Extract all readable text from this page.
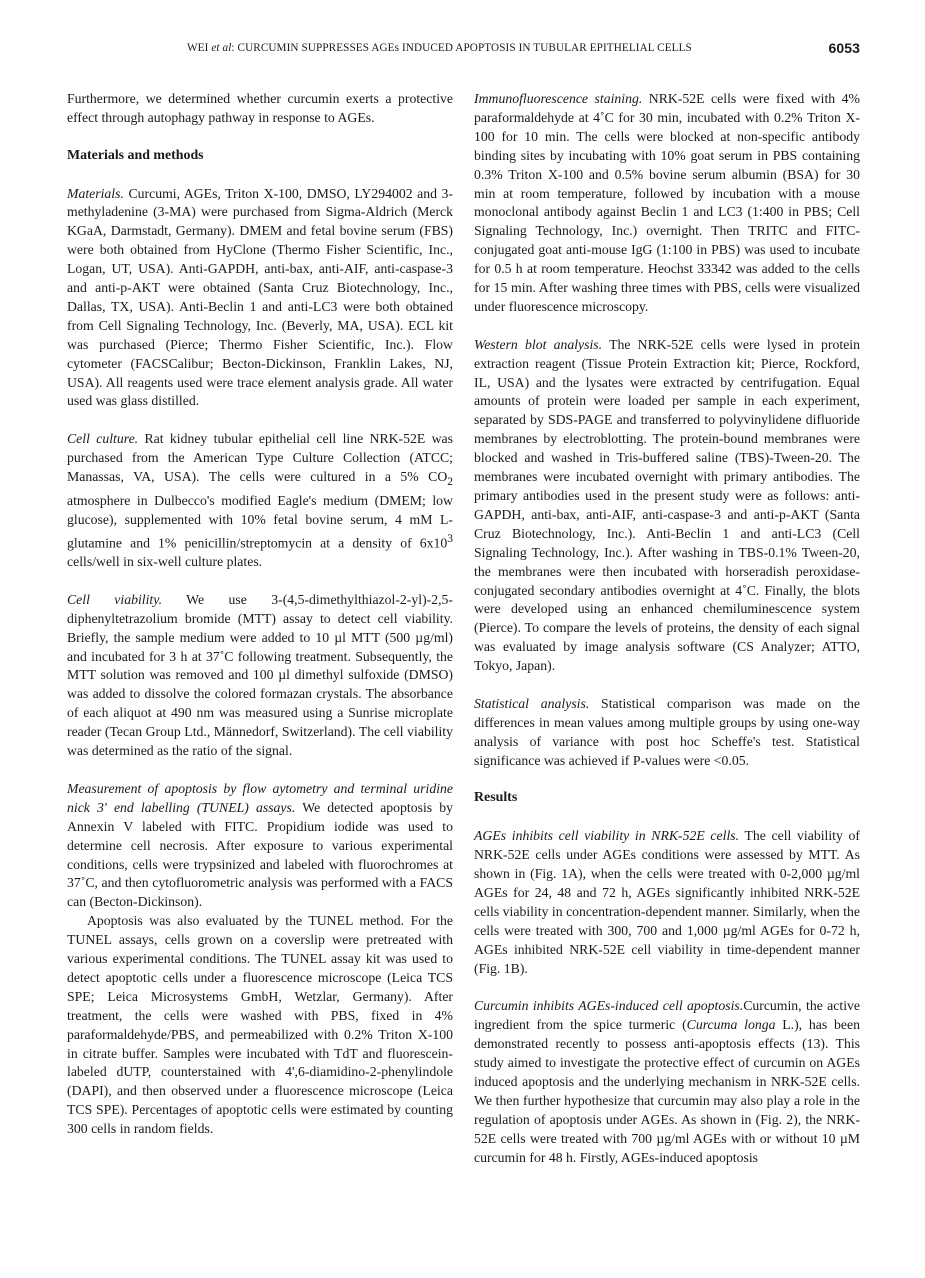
WEI et al: CURCUMIN SUPPRESSES AGEs INDUCED APOPTOSIS IN TUBULAR EPITHELIAL CELLS	6053

Furthermore, we determined whether curcumin exerts a protective effect through autophagy pathway in response to AGEs.

Materials and methods

Materials. Curcumi, AGEs, Triton X-100, DMSO, LY294002 and 3-methyladenine (3-MA) were purchased from Sigma-Aldrich (Merck KGaA, Darmstadt, Germany). DMEM and fetal bovine serum (FBS) were both obtained from HyClone (Thermo Fisher Scientific, Inc., Logan, UT, USA). Anti-GAPDH, anti-bax, anti-AIF, anti-caspase-3 and anti-p-AKT were obtained (Santa Cruz Biotechnology, Inc., Dallas, TX, USA). Anti-Beclin 1 and anti-LC3 were both obtained from Cell Signaling Technology, Inc. (Beverly, MA, USA). ECL kit was purchased (Pierce; Thermo Fisher Scientific, Inc.). Flow cytometer (FACSCalibur; Becton-Dickinson, Franklin Lakes, NJ, USA). All reagents used were trace element analysis grade. All water used was glass distilled.

Cell culture. Rat kidney tubular epithelial cell line NRK-52E was purchased from the American Type Culture Collection (ATCC; Manassas, VA, USA). The cells were cultured in a 5% $CO_2$ atmosphere in Dulbecco's modified Eagle's medium (DMEM; low glucose), supplemented with 10% fetal bovine serum, 4 mM L-glutamine and 1% penicillin/streptomycin at a density of $6x10^3$ cells/well in six-well culture plates.

Cell viability. We use 3-(4,5-dimethylthiazol-2-yl)-2,5-diphenyltetrazolium bromide (MTT) assay to detect cell viability. Briefly, the sample medium were added to 10 µl MTT (500 µg/ml) and incubated for 3 h at 37˚C following treatment. Subsequently, the MTT solution was removed and 100 µl dimethyl sulfoxide (DMSO) was added to dissolve the colored formazan crystals. The absorbance of each aliquot at 490 nm was measured using a Sunrise microplate reader (Tecan Group Ltd., Männedorf, Switzerland). The cell viability was determined as the ratio of the signal.

Measurement of apoptosis by flow aytometry and terminal uridine nick 3' end labelling (TUNEL) assays. We detected apoptosis by Annexin V labeled with FITC. Propidium iodide was used to determine cell necrosis. After exposure to various experimental conditions, cells were trypsinized and labeled with fluorochromes at 37˚C, and then cytofluorometric analysis was performed with a FACS can (Becton-Dickinson).

Apoptosis was also evaluated by the TUNEL method. For the TUNEL assays, cells grown on a coverslip were pretreated with various experimental conditions. The TUNEL assay kit was used to detect apoptotic cells under a fluorescence microscope (Leica TCS SPE; Leica Microsystems GmbH, Wetzlar, Germany). After treatment, the cells were washed with PBS, fixed in 4% paraformaldehyde/PBS, and permeabilized with 0.2% Triton X-100 in citrate buffer. Samples were incubated with TdT and fluorescein-labeled dUTP, counterstained with 4',6-diamidino-2-phenylindole (DAPI), and then observed under a fluorescence microscope (Leica TCS SPE). Percentages of apoptotic cells were estimated by counting 300 cells in random fields.

Immunofluorescence staining. NRK-52E cells were fixed with 4% paraformaldehyde at 4˚C for 30 min, incubated with 0.2% Triton X-100 for 10 min. The cells were blocked at non-specific antibody binding sites by incubating with 10% goat serum in PBS containing 0.3% Triton X-100 and 0.5% bovine serum albumin (BSA) for 30 min at room temperature, followed by incubation with a mouse monoclonal antibody against Beclin 1 and LC3 (1:400 in PBS; Cell Signaling Technology, Inc.) overnight. Then TRITC and FITC-conjugated goat anti-mouse IgG (1:100 in PBS) was used to incubate for 0.5 h at room temperature. Heochst 33342 was added to the cells for 15 min. After washing three times with PBS, cells were visualized under fluorescence microscopy.

Western blot analysis. The NRK-52E cells were lysed in protein extraction reagent (Tissue Protein Extraction kit; Pierce, Rockford, IL, USA) and the lysates were extracted by centrifugation. Equal amounts of protein were loaded per sample in each experiment, separated by SDS-PAGE and transferred to polyvinylidene difluoride membranes by electroblotting. The protein-bound membranes were blocked and washed in Tris-buffered saline (TBS)-Tween-20. The membranes were incubated overnight with primary antibodies. The primary antibodies used in the present study were as follows: anti-GAPDH, anti-bax, anti-AIF, anti-caspase-3 and anti-p-AKT (Santa Cruz Biotechnology, Inc.). Anti-Beclin 1 and anti-LC3 (Cell Signaling Technology, Inc.). After washing in TBS-0.1% Tween-20, the membranes were then incubated with horseradish peroxidase-conjugated secondary antibodies overnight at 4˚C. Finally, the blots were developed using an enhanced chemiluminescence system (Pierce). To compare the levels of proteins, the density of each signal was evaluated by image analysis software (CS Analyzer; ATTO, Tokyo, Japan).

Statistical analysis. Statistical comparison was made on the differences in mean values among multiple groups by using one-way analysis of variance with post hoc Scheffe's test. Statistical significance was achieved if P-values were <0.05.

Results

AGEs inhibits cell viability in NRK-52E cells. The cell viability of NRK-52E cells under AGEs conditions were assessed by MTT. As shown in (Fig. 1A), when the cells were treated with 0-2,000 µg/ml AGEs for 24, 48 and 72 h, AGEs significantly inhibited NRK-52E cells viability in concentration-dependent manner. Similarly, when the cells were treated with 300, 700 and 1,000 µg/ml AGEs for 0-72 h, AGEs inhibited NRK-52E cell viability in time-dependent manner (Fig. 1B).

Curcumin inhibits AGEs-induced cell apoptosis.Curcumin, the active ingredient from the spice turmeric (Curcuma longa L.), has been demonstrated recently to possess anti-apoptosis effects (13). This study aimed to investigate the protective effect of curcumin on AGEs induced apoptosis and the underlying mechanism in NRK-52E cells. We then further hypothesize that curcumin may also play a role in the regulation of apoptosis under AGEs. As shown in (Fig. 2), the NRK-52E cells were treated with 700 µg/ml AGEs with or without 10 µM curcumin for 48 h. Firstly, AGEs-induced apoptosis
